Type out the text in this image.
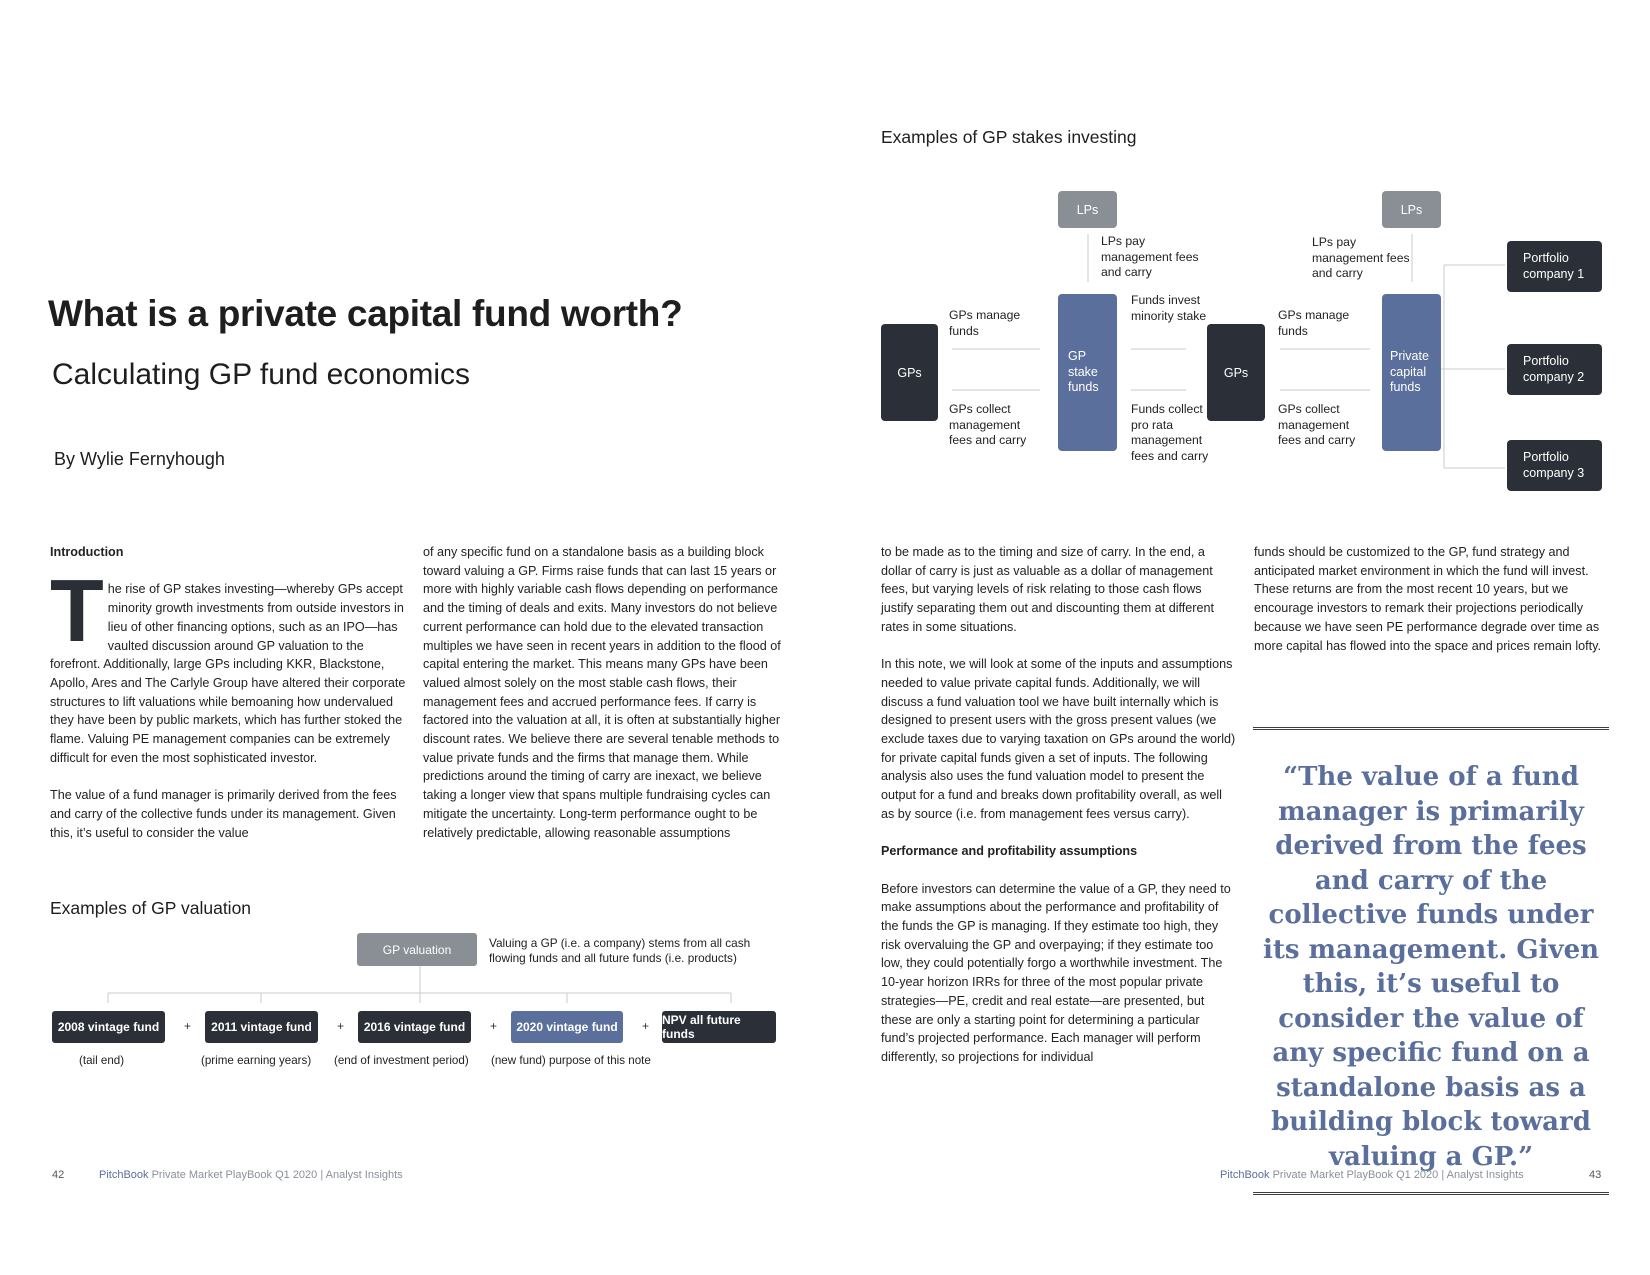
What is a private capital fund worth?
Calculating GP fund economics
By Wylie Fernyhough

Introduction

The rise of GP stakes investing—whereby GPs accept minority growth investments from outside investors in lieu of other financing options, such as an IPO—has vaulted discussion around GP valuation to the forefront. Additionally, large GPs including KKR, Blackstone, Apollo, Ares and The Carlyle Group have altered their corporate structures to lift valuations while bemoaning how undervalued they have been by public markets, which has further stoked the flame. Valuing PE management companies can be extremely difficult for even the most sophisticated investor.

The value of a fund manager is primarily derived from the fees and carry of the collective funds under its management. Given this, it’s useful to consider the value

of any specific fund on a standalone basis as a building block toward valuing a GP. Firms raise funds that can last 15 years or more with highly variable cash flows depending on performance and the timing of deals and exits. Many investors do not believe current performance can hold due to the elevated transaction multiples we have seen in recent years in addition to the flood of capital entering the market. This means many GPs have been valued almost solely on the most stable cash flows, their management fees and accrued performance fees. If carry is factored into the valuation at all, it is often at substantially higher discount rates. We believe there are several tenable methods to value private funds and the firms that manage them. While predictions around the timing of carry are inexact, we believe taking a longer view that spans multiple fundraising cycles can mitigate the uncertainty. Long-term performance ought to be relatively predictable, allowing reasonable assumptions

Examples of GP valuation
GP valuation	Valuing a GP (i.e. a company) stems from all cash flowing funds and all future funds (i.e. products)
2008 vintage fund	+	2011 vintage fund	+	2016 vintage fund	+	2020 vintage fund	+ NPV all future funds
(tail end)	(prime earning years) (end of investment period) (new fund) purpose of this note
Examples of GP stakes investing
LPs	LPs
GPs
GP stake funds
GPs
Private capital funds
Portfolio company 1
Portfolio company 2
Portfolio company 3
LPs pay management fees and carry
LPs pay management fees and carry
GPs manage funds
GPs manage funds
Funds invest minority stake
GPs collect management fees and carry
GPs collect management fees and carry
Funds collect pro rata management fees and carry

to be made as to the timing and size of carry. In the end, a dollar of carry is just as valuable as a dollar of management fees, but varying levels of risk relating to those cash flows justify separating them out and discounting them at different rates in some situations.

In this note, we will look at some of the inputs and assumptions needed to value private capital funds. Additionally, we will discuss a fund valuation tool we have built internally which is designed to present users with the gross present values (we exclude taxes due to varying taxation on GPs around the world) for private capital funds given a set of inputs. The following analysis also uses the fund valuation model to present the output for a fund and breaks down profitability overall, as well as by source (i.e. from management fees versus carry).

Performance and profitability assumptions

Before investors can determine the value of a GP, they need to make assumptions about the performance and profitability of the funds the GP is managing. If they estimate too high, they risk overvaluing the GP and overpaying; if they estimate too low, they could potentially forgo a worthwhile investment. The 10-year horizon IRRs for three of the most popular private strategies—PE, credit and real estate—are presented, but these are only a starting point for determining a particular fund’s projected performance. Each manager will perform differently, so projections for individual

funds should be customized to the GP, fund strategy and anticipated market environment in which the fund will invest. These returns are from the most recent 10 years, but we encourage investors to remark their projections periodically because we have seen PE performance degrade over time as more capital has flowed into the space and prices remain lofty.

“The value of a fund manager is primarily derived from the fees and carry of the collective funds under its management. Given this, it’s useful to consider the value of any specific fund on a standalone basis as a building block toward valuing a GP.”

42	PitchBook Private Market PlayBook Q1 2020 | Analyst Insights	PitchBook Private Market PlayBook Q1 2020 | Analyst Insights	43
